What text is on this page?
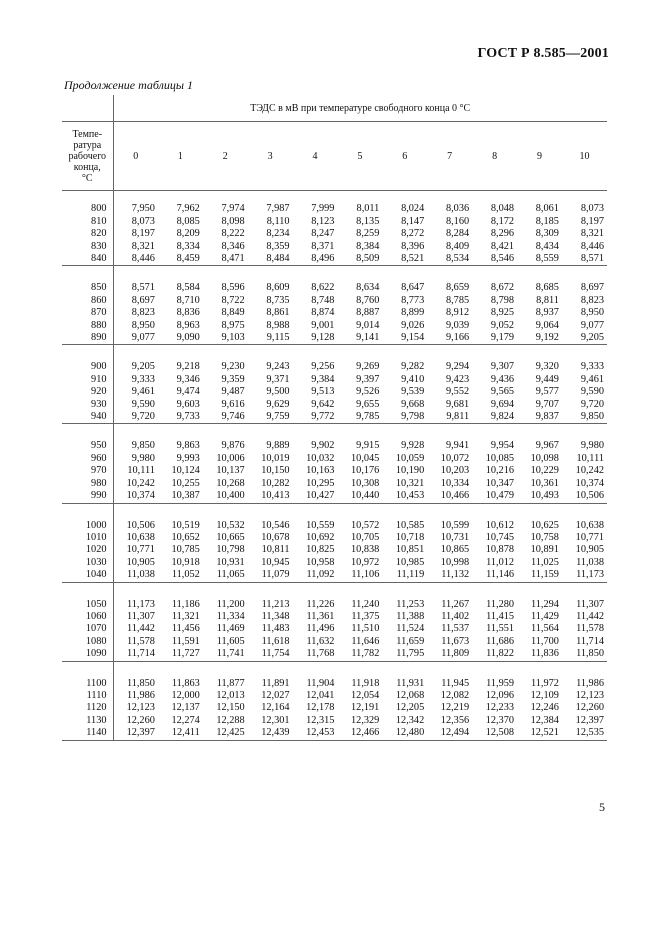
ГОСТ Р 8.585—2001
Продолжение таблицы 1
	ТЭДС в мВ при температуре свободного конца 0 °C										

Темпе-
ратура
рабочего
конца,
°C	0	1	2	3	4	5	6	7	8	9	10

800	7,950	7,962	7,974	7,987	7,999	8,011	8,024	8,036	8,048	8,061	8,073
810	8,073	8,085	8,098	8,110	8,123	8,135	8,147	8,160	8,172	8,185	8,197
820	8,197	8,209	8,222	8,234	8,247	8,259	8,272	8,284	8,296	8,309	8,321
830	8,321	8,334	8,346	8,359	8,371	8,384	8,396	8,409	8,421	8,434	8,446
840	8,446	8,459	8,471	8,484	8,496	8,509	8,521	8,534	8,546	8,559	8,571

850	8,571	8,584	8,596	8,609	8,622	8,634	8,647	8,659	8,672	8,685	8,697
860	8,697	8,710	8,722	8,735	8,748	8,760	8,773	8,785	8,798	8,811	8,823
870	8,823	8,836	8,849	8,861	8,874	8,887	8,899	8,912	8,925	8,937	8,950
880	8,950	8,963	8,975	8,988	9,001	9,014	9,026	9,039	9,052	9,064	9,077
890	9,077	9,090	9,103	9,115	9,128	9,141	9,154	9,166	9,179	9,192	9,205

900	9,205	9,218	9,230	9,243	9,256	9,269	9,282	9,294	9,307	9,320	9,333
910	9,333	9,346	9,359	9,371	9,384	9,397	9,410	9,423	9,436	9,449	9,461
920	9,461	9,474	9,487	9,500	9,513	9,526	9,539	9,552	9,565	9,577	9,590
930	9,590	9,603	9,616	9,629	9,642	9,655	9,668	9,681	9,694	9,707	9,720
940	9,720	9,733	9,746	9,759	9,772	9,785	9,798	9,811	9,824	9,837	9,850

950	9,850	9,863	9,876	9,889	9,902	9,915	9,928	9,941	9,954	9,967	9,980
960	9,980	9,993	10,006	10,019	10,032	10,045	10,059	10,072	10,085	10,098	10,111
970	10,111	10,124	10,137	10,150	10,163	10,176	10,190	10,203	10,216	10,229	10,242
980	10,242	10,255	10,268	10,282	10,295	10,308	10,321	10,334	10,347	10,361	10,374
990	10,374	10,387	10,400	10,413	10,427	10,440	10,453	10,466	10,479	10,493	10,506

1000	10,506	10,519	10,532	10,546	10,559	10,572	10,585	10,599	10,612	10,625	10,638
1010	10,638	10,652	10,665	10,678	10,692	10,705	10,718	10,731	10,745	10,758	10,771
1020	10,771	10,785	10,798	10,811	10,825	10,838	10,851	10,865	10,878	10,891	10,905
1030	10,905	10,918	10,931	10,945	10,958	10,972	10,985	10,998	11,012	11,025	11,038
1040	11,038	11,052	11,065	11,079	11,092	11,106	11,119	11,132	11,146	11,159	11,173

1050	11,173	11,186	11,200	11,213	11,226	11,240	11,253	11,267	11,280	11,294	11,307
1060	11,307	11,321	11,334	11,348	11,361	11,375	11,388	11,402	11,415	11,429	11,442
1070	11,442	11,456	11,469	11,483	11,496	11,510	11,524	11,537	11,551	11,564	11,578
1080	11,578	11,591	11,605	11,618	11,632	11,646	11,659	11,673	11,686	11,700	11,714
1090	11,714	11,727	11,741	11,754	11,768	11,782	11,795	11,809	11,822	11,836	11,850

1100	11,850	11,863	11,877	11,891	11,904	11,918	11,931	11,945	11,959	11,972	11,986
1110	11,986	12,000	12,013	12,027	12,041	12,054	12,068	12,082	12,096	12,109	12,123
1120	12,123	12,137	12,150	12,164	12,178	12,191	12,205	12,219	12,233	12,246	12,260
1130	12,260	12,274	12,288	12,301	12,315	12,329	12,342	12,356	12,370	12,384	12,397
1140	12,397	12,411	12,425	12,439	12,453	12,466	12,480	12,494	12,508	12,521	12,535
5
